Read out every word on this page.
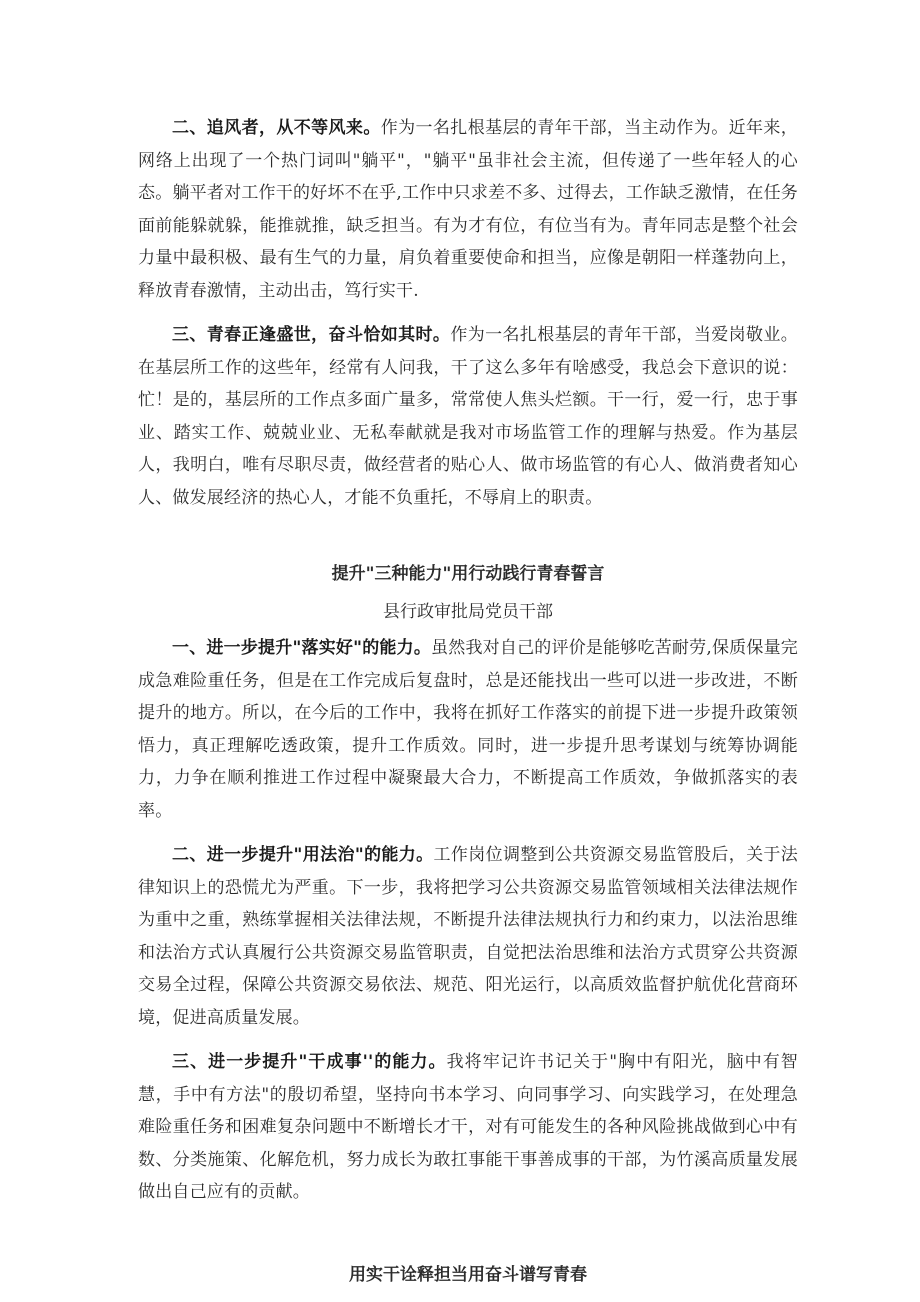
二、追风者，从不等风来。作为一名扎根基层的青年干部，当主动作为。近年来，网络上出现了一个热门词叫"躺平"，"躺平"虽非社会主流，但传递了一些年轻人的心态。躺平者对工作干的好坏不在乎,工作中只求差不多、过得去，工作缺乏激情，在任务面前能躲就躲，能推就推，缺乏担当。有为才有位，有位当有为。青年同志是整个社会力量中最积极、最有生气的力量，肩负着重要使命和担当，应像是朝阳一样蓬勃向上，释放青春激情，主动出击，笃行实干.

三、青春正逢盛世，奋斗恰如其时。作为一名扎根基层的青年干部，当爱岗敬业。在基层所工作的这些年，经常有人问我，干了这么多年有啥感受，我总会下意识的说：忙！是的，基层所的工作点多面广量多，常常使人焦头烂额。干一行，爱一行，忠于事业、踏实工作、兢兢业业、无私奉献就是我对市场监管工作的理解与热爱。作为基层人，我明白，唯有尽职尽责，做经营者的贴心人、做市场监管的有心人、做消费者知心人、做发展经济的热心人，才能不负重托，不辱肩上的职责。

提升"三种能力"用行动践行青春誓言
县行政审批局党员干部

一、进一步提升"落实好"的能力。虽然我对自己的评价是能够吃苦耐劳,保质保量完成急难险重任务，但是在工作完成后复盘时，总是还能找出一些可以进一步改进，不断提升的地方。所以，在今后的工作中，我将在抓好工作落实的前提下进一步提升政策领悟力，真正理解吃透政策，提升工作质效。同时，进一步提升思考谋划与统筹协调能力，力争在顺利推进工作过程中凝聚最大合力，不断提高工作质效，争做抓落实的表率。

二、进一步提升"用法治"的能力。工作岗位调整到公共资源交易监管股后，关于法律知识上的恐慌尤为严重。下一步，我将把学习公共资源交易监管领域相关法律法规作为重中之重，熟练掌握相关法律法规，不断提升法律法规执行力和约束力，以法治思维和法治方式认真履行公共资源交易监管职责，自觉把法治思维和法治方式贯穿公共资源交易全过程，保障公共资源交易依法、规范、阳光运行，以高质效监督护航优化营商环境，促进高质量发展。

三、进一步提升"干成事''的能力。我将牢记许书记关于"胸中有阳光，脑中有智慧，手中有方法"的殷切希望，坚持向书本学习、向同事学习、向实践学习，在处理急难险重任务和困难复杂问题中不断增长才干，对有可能发生的各种风险挑战做到心中有数、分类施策、化解危机，努力成长为敢扛事能干事善成事的干部，为竹溪高质量发展做出自己应有的贡献。

用实干诠释担当用奋斗谱写青春
